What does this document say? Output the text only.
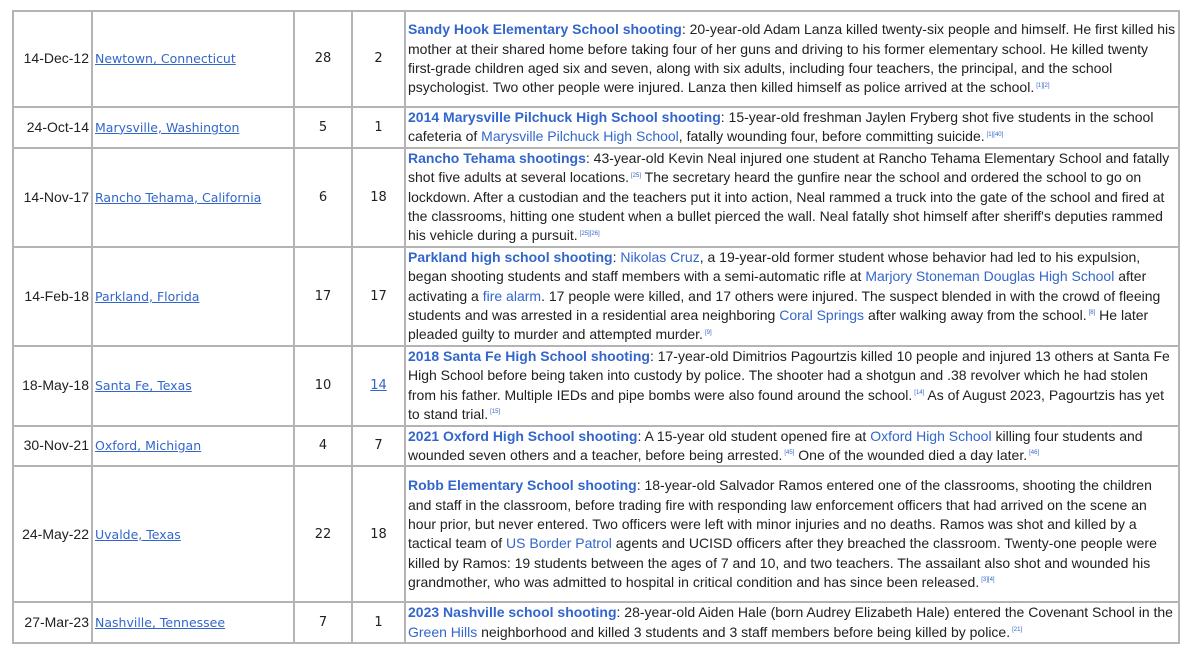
14-Dec-12	Newtown, Connecticut	28	2	Sandy Hook Elementary School shooting: 20-year-old Adam Lanza killed twenty-six people and himself. He first killed his mother at their shared home before taking four of her guns and driving to his former elementary school. He killed twenty first-grade children aged six and seven, along with six adults, including four teachers, the principal, and the school psychologist. Two other people were injured. Lanza then killed himself as police arrived at the school. [1][2]
24-Oct-14	Marysville, Washington	5	1	2014 Marysville Pilchuck High School shooting: 15-year-old freshman Jaylen Fryberg shot five students in the school cafeteria of Marysville Pilchuck High School, fatally wounding four, before committing suicide. [1][40]
14-Nov-17	Rancho Tehama, California	6	18	Rancho Tehama shootings: 43-year-old Kevin Neal injured one student at Rancho Tehama Elementary School and fatally shot five adults at several locations. [25] The secretary heard the gunfire near the school and ordered the school to go on lockdown. After a custodian and the teachers put it into action, Neal rammed a truck into the gate of the school and fired at the classrooms, hitting one student when a bullet pierced the wall. Neal fatally shot himself after sheriff's deputies rammed his vehicle during a pursuit. [25][26]
14-Feb-18	Parkland, Florida	17	17	Parkland high school shooting: Nikolas Cruz, a 19-year-old former student whose behavior had led to his expulsion, began shooting students and staff members with a semi-automatic rifle at Marjory Stoneman Douglas High School after activating a fire alarm. 17 people were killed, and 17 others were injured. The suspect blended in with the crowd of fleeing students and was arrested in a residential area neighboring Coral Springs after walking away from the school. [8] He later pleaded guilty to murder and attempted murder. [9]
18-May-18	Santa Fe, Texas	10	14	2018 Santa Fe High School shooting: 17-year-old Dimitrios Pagourtzis killed 10 people and injured 13 others at Santa Fe High School before being taken into custody by police. The shooter had a shotgun and .38 revolver which he had stolen from his father. Multiple IEDs and pipe bombs were also found around the school. [14] As of August 2023, Pagourtzis has yet to stand trial. [15]
30-Nov-21	Oxford, Michigan	4	7	2021 Oxford High School shooting: A 15-year old student opened fire at Oxford High School killing four students and wounded seven others and a teacher, before being arrested. [45] One of the wounded died a day later. [46]
24-May-22	Uvalde, Texas	22	18	Robb Elementary School shooting: 18-year-old Salvador Ramos entered one of the classrooms, shooting the children and staff in the classroom, before trading fire with responding law enforcement officers that had arrived on the scene an hour prior, but never entered. Two officers were left with minor injuries and no deaths. Ramos was shot and killed by a tactical team of US Border Patrol agents and UCISD officers after they breached the classroom. Twenty-one people were killed by Ramos: 19 students between the ages of 7 and 10, and two teachers. The assailant also shot and wounded his grandmother, who was admitted to hospital in critical condition and has since been released. [3][4]
27-Mar-23	Nashville, Tennessee	7	1	2023 Nashville school shooting: 28-year-old Aiden Hale (born Audrey Elizabeth Hale) entered the Covenant School in the Green Hills neighborhood and killed 3 students and 3 staff members before being killed by police. [21]
